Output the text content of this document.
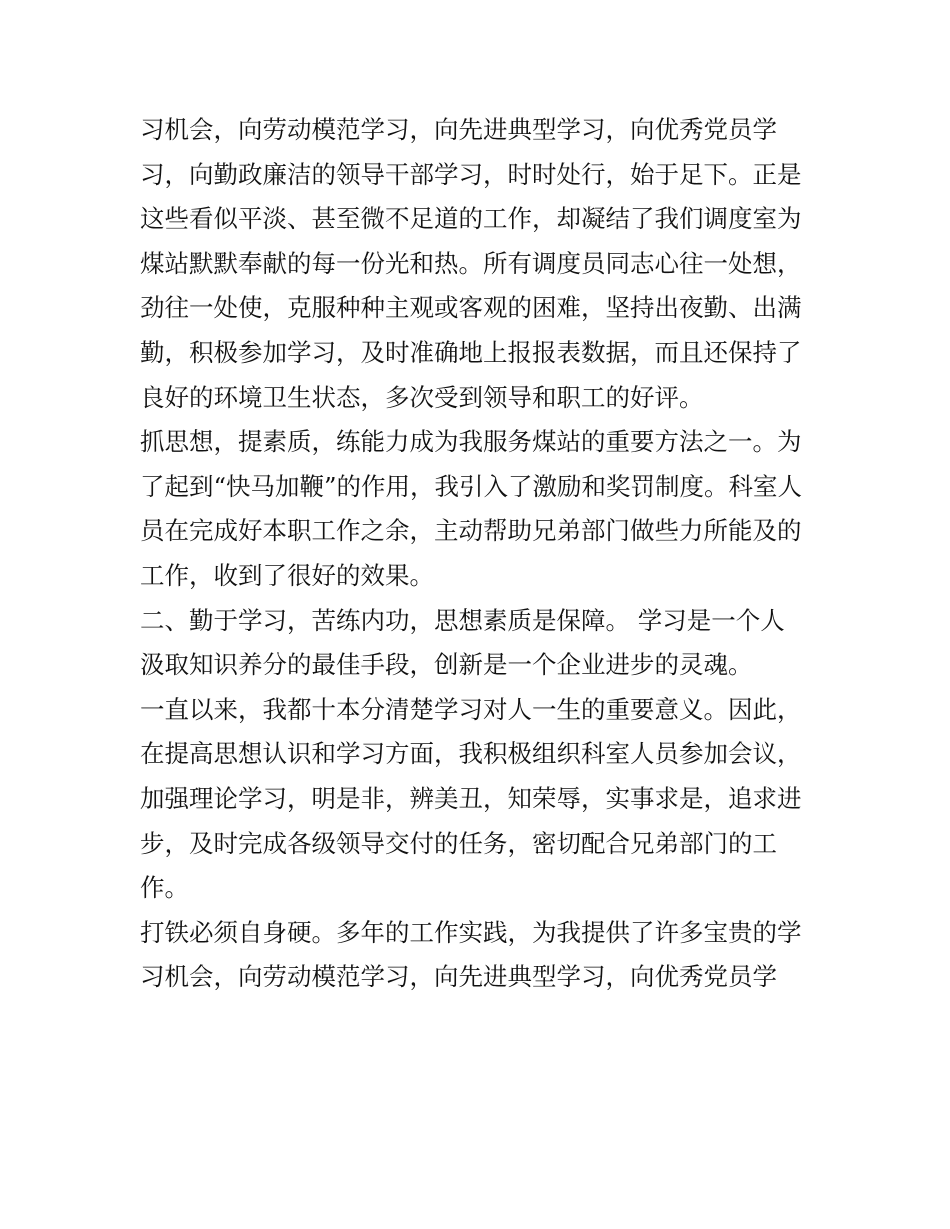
习机会，向劳动模范学习，向先进典型学习，向优秀党员学
习，向勤政廉洁的领导干部学习，时时处行，始于足下。正是
这些看似平淡、甚至微不足道的工作，却凝结了我们调度室为
煤站默默奉献的每一份光和热。所有调度员同志心往一处想，
劲往一处使，克服种种主观或客观的困难，坚持出夜勤、出满
勤，积极参加学习，及时准确地上报报表数据，而且还保持了
良好的环境卫生状态，多次受到领导和职工的好评。
抓思想，提素质，练能力成为我服务煤站的重要方法之一。为
了起到“快马加鞭”的作用，我引入了激励和奖罚制度。科室人
员在完成好本职工作之余，主动帮助兄弟部门做些力所能及的
工作，收到了很好的效果。
二、勤于学习，苦练内功，思想素质是保障。 学习是一个人
汲取知识养分的最佳手段，创新是一个企业进步的灵魂。
一直以来，我都十本分清楚学习对人一生的重要意义。因此，
在提高思想认识和学习方面，我积极组织科室人员参加会议，
加强理论学习，明是非，辨美丑，知荣辱，实事求是，追求进
步，及时完成各级领导交付的任务，密切配合兄弟部门的工
作。
打铁必须自身硬。多年的工作实践，为我提供了许多宝贵的学
习机会，向劳动模范学习，向先进典型学习，向优秀党员学
